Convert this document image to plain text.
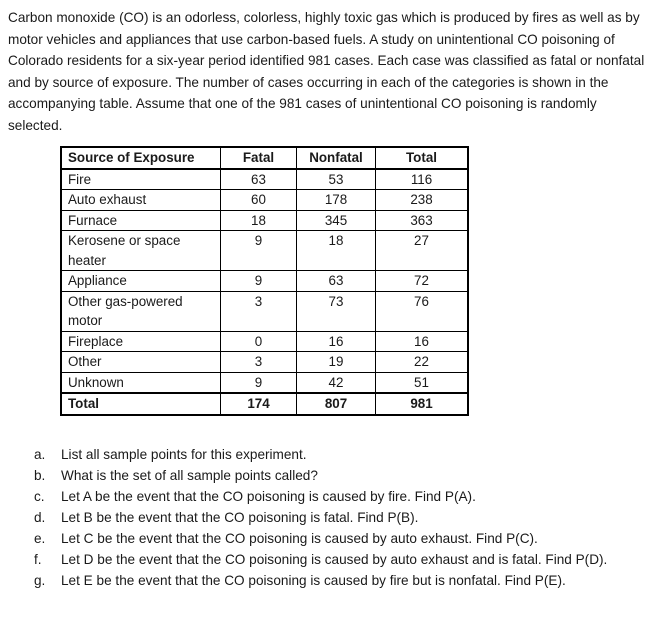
Carbon monoxide (CO) is an odorless, colorless, highly toxic gas which is produced by fires as well as by motor vehicles and appliances that use carbon-based fuels. A study on unintentional CO poisoning of Colorado residents for a six-year period identified 981 cases. Each case was classified as fatal or nonfatal and by source of exposure. The number of cases occurring in each of the categories is shown in the accompanying table. Assume that one of the 981 cases of unintentional CO poisoning is randomly selected.

Source of Exposure	Fatal	Nonfatal	Total
Fire	63	53	116
Auto exhaust	60	178	238
Furnace	18	345	363
Kerosene or space heater	9	18	27
Appliance	9	63	72
Other gas-powered motor	3	73	76
Fireplace	0	16	16
Other	3	19	22
Unknown	9	42	51
Total	174	807	981
a. List all sample points for this experiment.
b. What is the set of all sample points called?
c. Let A be the event that the CO poisoning is caused by fire. Find P(A).
d. Let B be the event that the CO poisoning is fatal. Find P(B).
e. Let C be the event that the CO poisoning is caused by auto exhaust. Find P(C).
f. Let D be the event that the CO poisoning is caused by auto exhaust and is fatal. Find P(D).
g. Let E be the event that the CO poisoning is caused by fire but is nonfatal. Find P(E).
